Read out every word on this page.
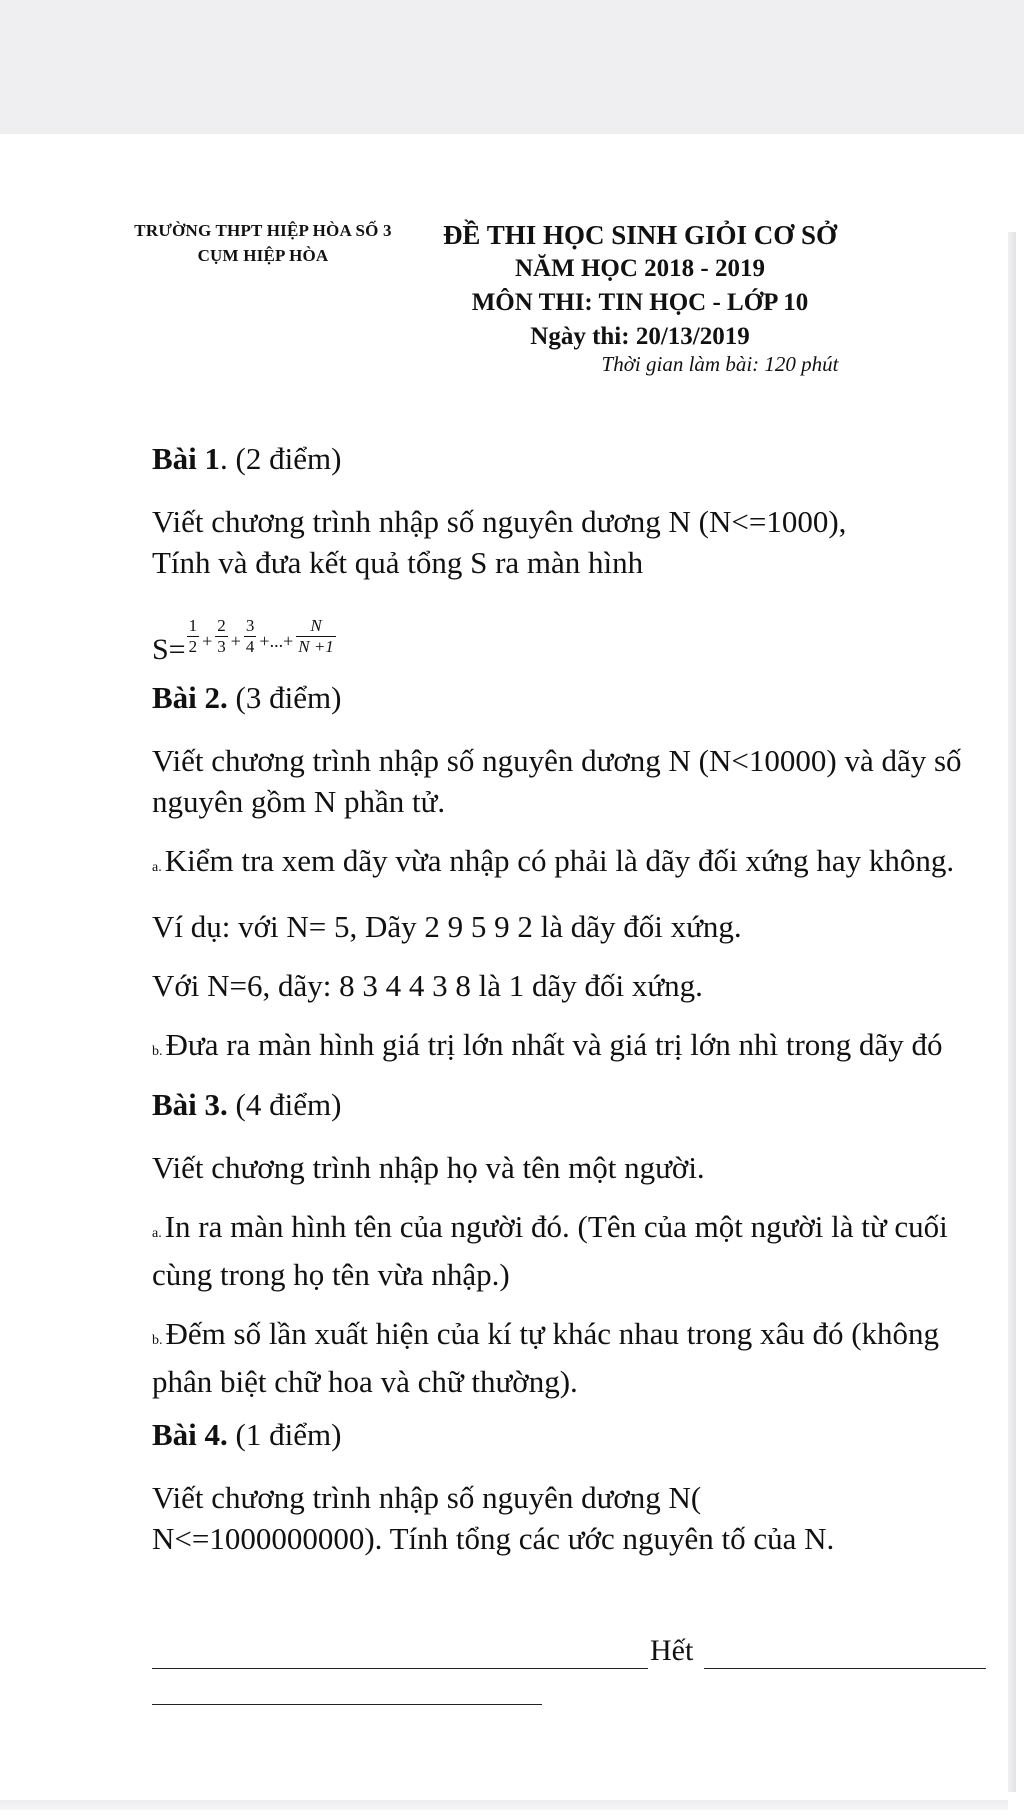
TRƯỜNG THPT HIỆP HÒA SỐ 3
CỤM HIỆP HÒA
ĐỀ THI HỌC SINH GIỎI CƠ SỞ
NĂM HỌC 2018 - 2019
MÔN THI: TIN HỌC - LỚP 10
Ngày thi: 20/13/2019
Thời gian làm bài: 120 phút

Bài 1. (2 điểm)

Viết chương trình nhập số nguyên dương N (N<=1000),
Tính và đưa kết quả tổng S ra màn hình

$S= \frac{1}{2} + \frac{2}{3} + \frac{3}{4}$ +...+ $\frac{N}{N +1}$

Bài 2. (3 điểm)

Viết chương trình nhập số nguyên dương N (N<10000) và dãy số nguyên gồm N phần tử.

a.Kiểm tra xem dãy vừa nhập có phải là dãy đối xứng hay không.

Ví dụ: với N= 5, Dãy 2 9 5 9 2 là dãy đối xứng.

Với N=6, dãy: 8 3 4 4 3 8 là 1 dãy đối xứng.

b.Đưa ra màn hình giá trị lớn nhất và giá trị lớn nhì trong dãy đó

Bài 3. (4 điểm)

Viết chương trình nhập họ và tên một người.

a.In ra màn hình tên của người đó. (Tên của một người là từ cuối cùng trong họ tên vừa nhập.)

b.Đếm số lần xuất hiện của kí tự khác nhau trong xâu đó (không phân biệt chữ hoa và chữ thường).

Bài 4. (1 điểm)

Viết chương trình nhập số nguyên dương N(
N<=1000000000). Tính tổng các ước nguyên tố của N.

Hết
